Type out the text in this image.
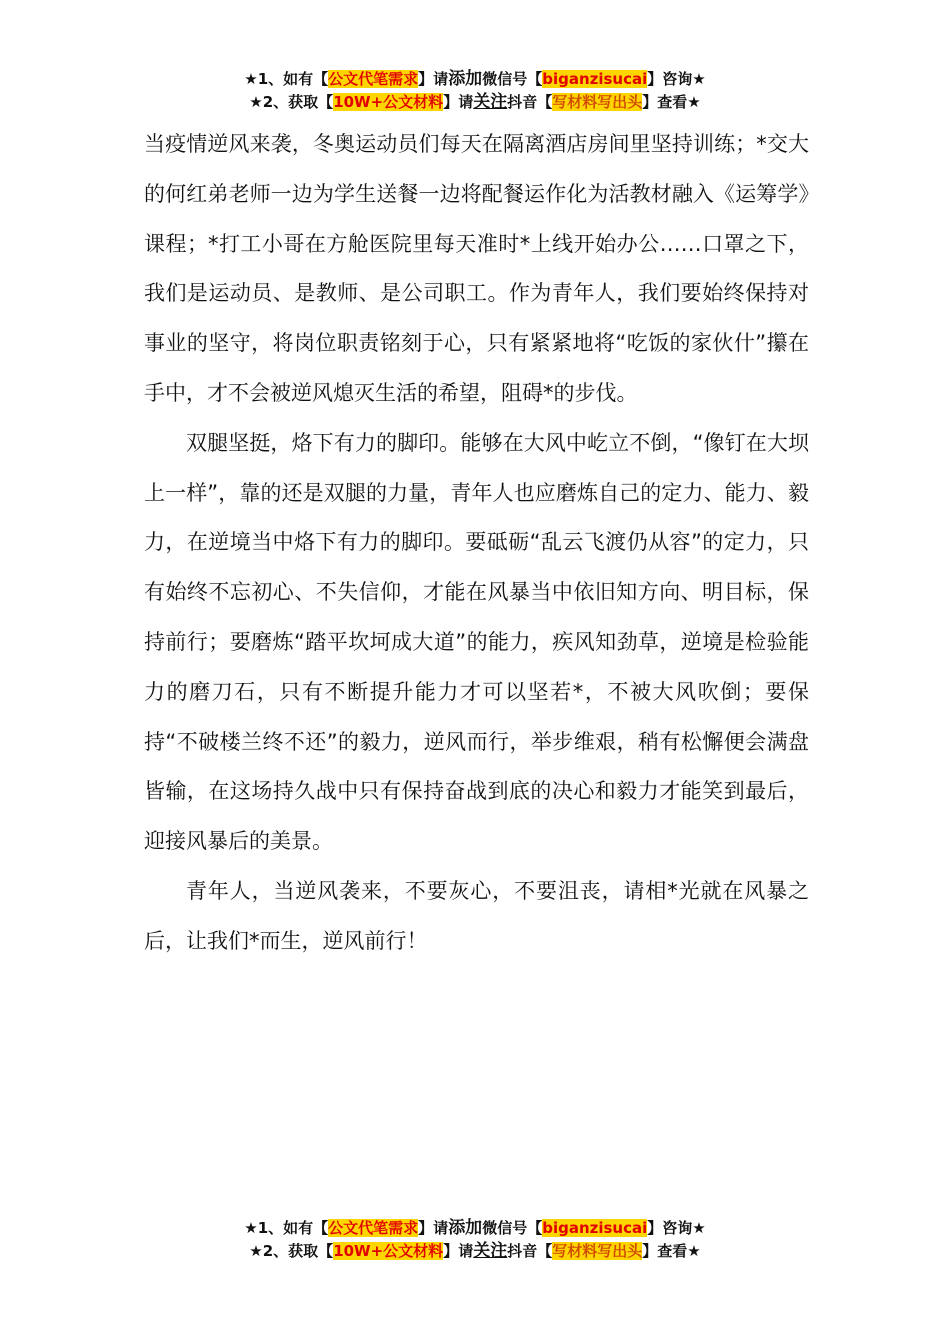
★1、如有【公文代笔需求】请添加微信号【biganzisucai】咨询★
★2、获取【10W+公文材料】请关注抖音【写材料写出头】查看★

当疫情逆风来袭，冬奥运动员们每天在隔离酒店房间里坚持训练；*交大的何红弟老师一边为学生送餐一边将配餐运作化为活教材融入《运筹学》课程；*打工小哥在方舱医院里每天准时*上线开始办公……口罩之下，我们是运动员、是教师、是公司职工。作为青年人，我们要始终保持对事业的坚守，将岗位职责铭刻于心，只有紧紧地将“吃饭的家伙什”攥在手中，才不会被逆风熄灭生活的希望，阻碍*的步伐。

双腿坚挺，烙下有力的脚印。能够在大风中屹立不倒，“像钉在大坝上一样”，靠的还是双腿的力量，青年人也应磨炼自己的定力、能力、毅力，在逆境当中烙下有力的脚印。要砥砺“乱云飞渡仍从容”的定力，只有始终不忘初心、不失信仰，才能在风暴当中依旧知方向、明目标，保持前行；要磨炼“踏平坎坷成大道”的能力，疾风知劲草，逆境是检验能力的磨刀石，只有不断提升能力才可以坚若*，不被大风吹倒；要保持“不破楼兰终不还”的毅力，逆风而行，举步维艰，稍有松懈便会满盘皆输，在这场持久战中只有保持奋战到底的决心和毅力才能笑到最后，迎接风暴后的美景。

青年人，当逆风袭来，不要灰心，不要沮丧，请相*光就在风暴之后，让我们*而生，逆风前行！

★1、如有【公文代笔需求】请添加微信号【biganzisucai】咨询★
★2、获取【10W+公文材料】请关注抖音【写材料写出头】查看★
